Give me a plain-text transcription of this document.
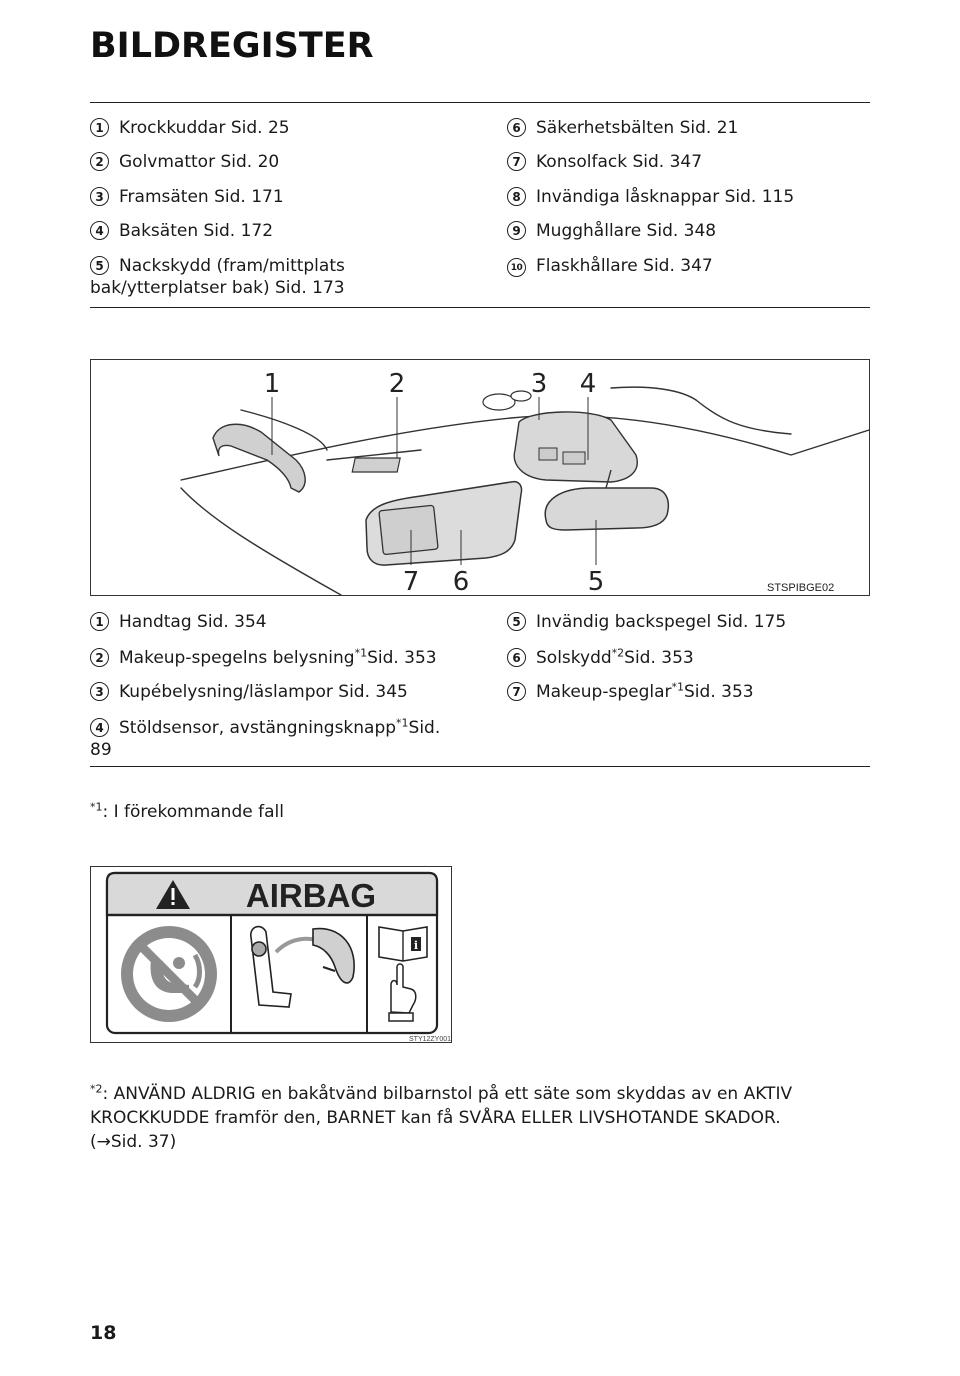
BILDREGISTER
1 Krockkuddar Sid. 25
2 Golvmattor Sid. 20
3 Framsäten Sid. 171
4 Baksäten Sid. 172
5 Nackskydd (fram/mittplats
bak/ytterplatser bak) Sid. 173
6 Säkerhetsbälten Sid. 21
7 Konsolfack Sid. 347
8 Invändiga låsknappar Sid. 115
9 Mugghållare Sid. 348
10 Flaskhållare Sid. 347
1	2	3 4
7 6	5	STSPIBGE02
1 Handtag Sid. 354
2 Makeup-spegelns belysning$^{*1}$Sid. 353
3 Kupébelysning/läslampor Sid. 345
4 Stöldsensor, avstängningsknapp$^{*1}$Sid.
89
5 Invändig backspegel Sid. 175
6 Solskydd$^{*2}$Sid. 353
7 Makeup-speglar$^{*1}$Sid. 353
$^{*1}$: I förekommande fall
AIRBAG
i
STY12ZY001
$^{*2}$: ANVÄND ALDRIG en bakåtvänd bilbarnstol på ett säte som skyddas av en AKTIV
KROCKKUDDE framför den, BARNET kan få SVÅRA ELLER LIVSHOTANDE SKADOR.
(→Sid. 37)
18
